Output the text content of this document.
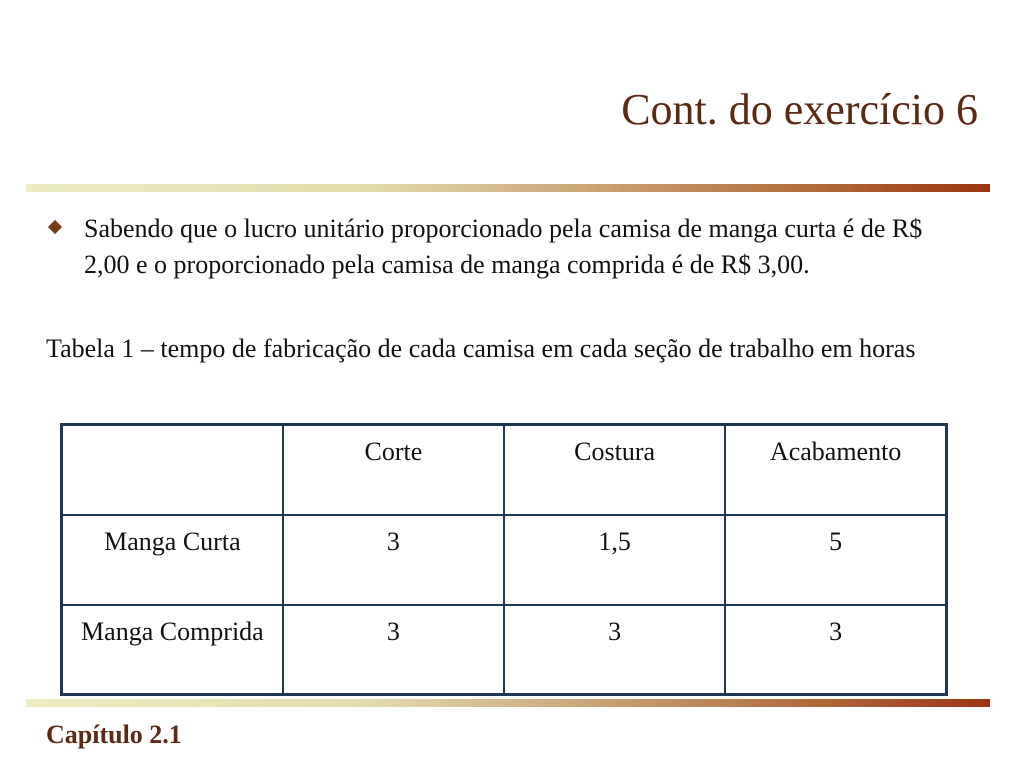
Cont. do exercício 6
Sabendo que o lucro unitário proporcionado pela camisa de manga curta é de R$ 2,00 e o proporcionado pela camisa de manga comprida é de R$ 3,00.
Tabela 1 – tempo de fabricação de cada camisa em cada seção de trabalho em horas
	Corte	Costura	Acabamento
Manga Curta	3	1,5	5
Manga Comprida	3	3	3
Capítulo 2.1
